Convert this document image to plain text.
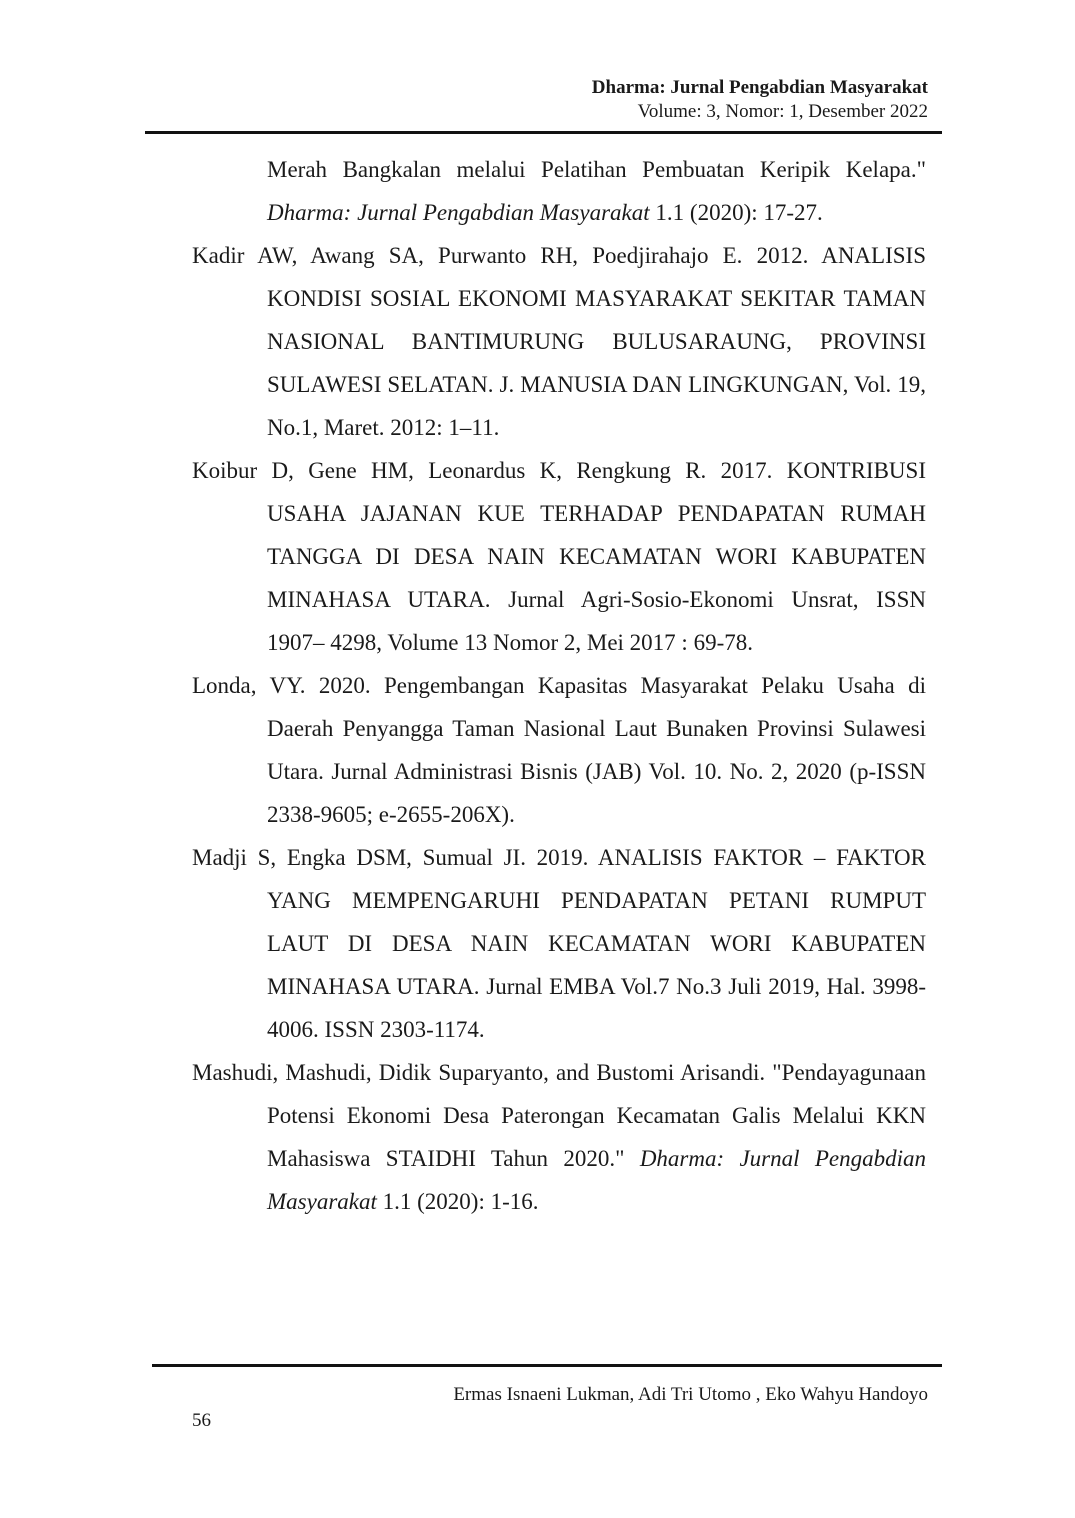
Dharma: Jurnal Pengabdian Masyarakat
Volume: 3, Nomor: 1, Desember 2022

Merah Bangkalan melalui Pelatihan Pembuatan Keripik Kelapa." Dharma: Jurnal Pengabdian Masyarakat 1.1 (2020): 17-27.

Kadir AW, Awang SA, Purwanto RH, Poedjirahajo E. 2012. ANALISIS KONDISI SOSIAL EKONOMI MASYARAKAT SEKITAR TAMAN NASIONAL BANTIMURUNG BULUSARAUNG, PROVINSI SULAWESI SELATAN. J. MANUSIA DAN LINGKUNGAN, Vol. 19, No.1, Maret. 2012: 1–11.

Koibur D, Gene HM, Leonardus K, Rengkung R. 2017. KONTRIBUSI USAHA JAJANAN KUE TERHADAP PENDAPATAN RUMAH TANGGA DI DESA NAIN KECAMATAN WORI KABUPATEN MINAHASA UTARA. Jurnal Agri-Sosio-Ekonomi Unsrat, ISSN 1907– 4298, Volume 13 Nomor 2, Mei 2017 : 69-78.

Londa, VY. 2020. Pengembangan Kapasitas Masyarakat Pelaku Usaha di Daerah Penyangga Taman Nasional Laut Bunaken Provinsi Sulawesi Utara. Jurnal Administrasi Bisnis (JAB) Vol. 10. No. 2, 2020 (p-ISSN 2338-9605; e-2655-206X).

Madji S, Engka DSM, Sumual JI. 2019. ANALISIS FAKTOR – FAKTOR YANG MEMPENGARUHI PENDAPATAN PETANI RUMPUT LAUT DI DESA NAIN KECAMATAN WORI KABUPATEN MINAHASA UTARA. Jurnal EMBA Vol.7 No.3 Juli 2019, Hal. 3998- 4006. ISSN 2303-1174.

Mashudi, Mashudi, Didik Suparyanto, and Bustomi Arisandi. "Pendayagunaan Potensi Ekonomi Desa Paterongan Kecamatan Galis Melalui KKN Mahasiswa STAIDHI Tahun 2020." Dharma: Jurnal Pengabdian Masyarakat 1.1 (2020): 1-16.

Ermas Isnaeni Lukman, Adi Tri Utomo , Eko Wahyu Handoyo
56
